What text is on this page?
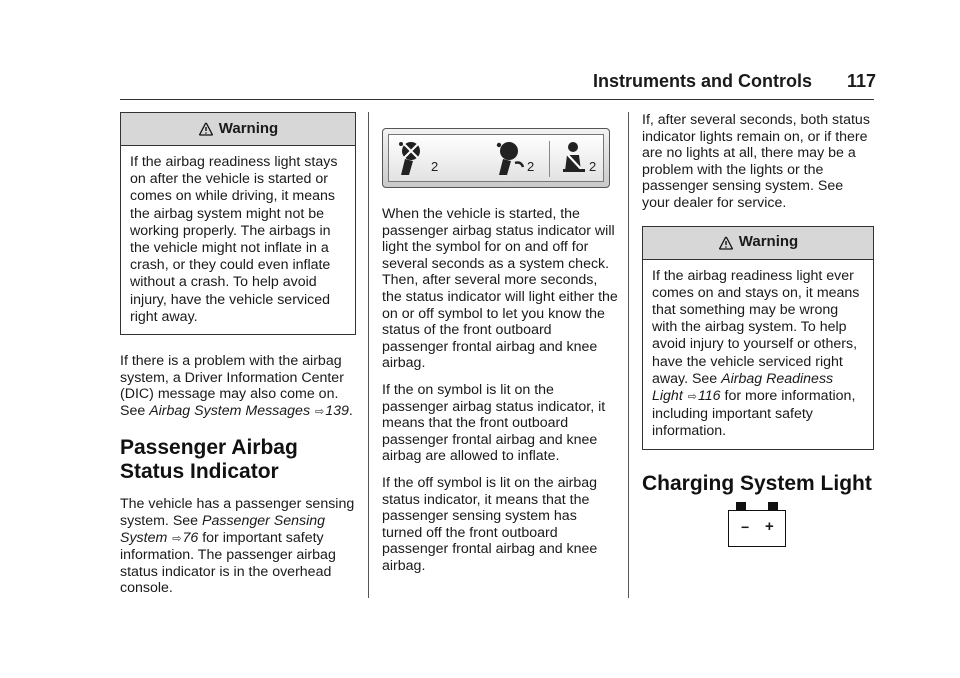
Instruments and Controls 117
Warning
If the airbag readiness light stays on after the vehicle is started or comes on while driving, it means the airbag system might not be working properly. The airbags in the vehicle might not inflate in a crash, or they could even inflate without a crash. To help avoid injury, have the vehicle serviced right away.

If there is a problem with the airbag system, a Driver Information Center (DIC) message may also come on. See Airbag System Messages ⇨139.

Passenger Airbag Status Indicator

The vehicle has a passenger sensing system. See Passenger Sensing System ⇨76 for important safety information. The passenger airbag status indicator is in the overhead console.

2	2	2

When the vehicle is started, the passenger airbag status indicator will light the symbol for on and off for several seconds as a system check. Then, after several more seconds, the status indicator will light either the on or off symbol to let you know the status of the front outboard passenger frontal airbag and knee airbag.

If the on symbol is lit on the passenger airbag status indicator, it means that the front outboard passenger frontal airbag and knee airbag are allowed to inflate.

If the off symbol is lit on the airbag status indicator, it means that the passenger sensing system has turned off the front outboard passenger frontal airbag and knee airbag.

If, after several seconds, both status indicator lights remain on, or if there are no lights at all, there may be a problem with the lights or the passenger sensing system. See your dealer for service.

Warning
If the airbag readiness light ever comes on and stays on, it means that something may be wrong with the airbag system. To help avoid injury to yourself or others, have the vehicle serviced right away. See Airbag Readiness Light ⇨116 for more information, including important safety information.
Charging System Light
− +
